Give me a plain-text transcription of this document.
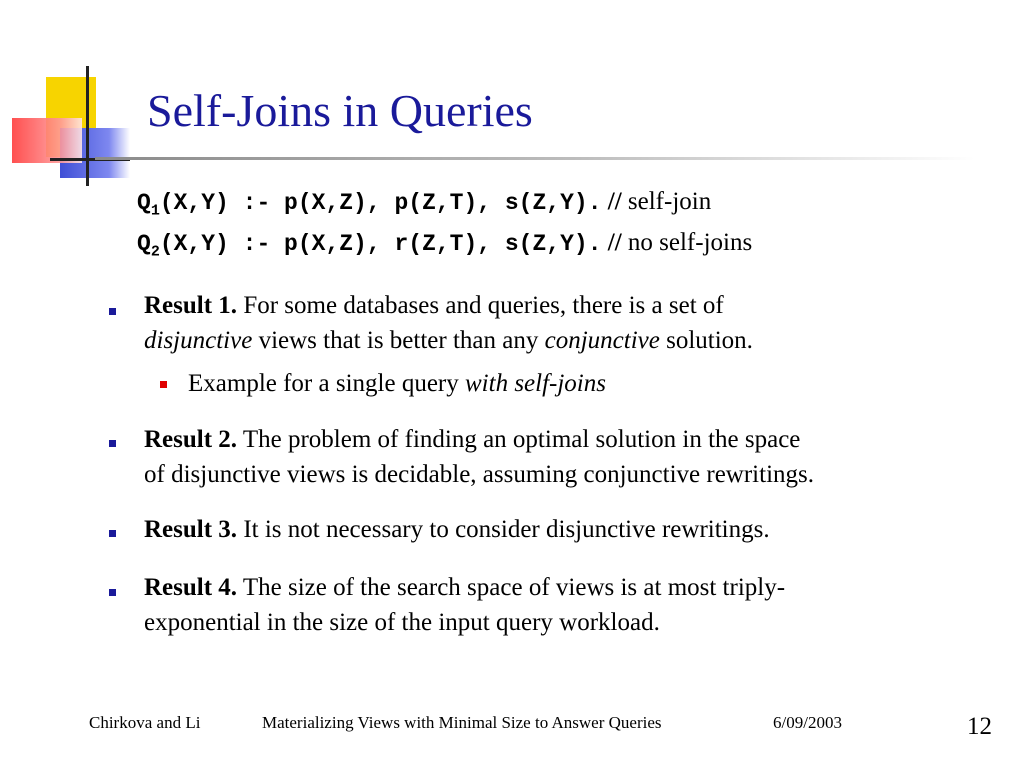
Self-Joins in Queries
$Q_1(X,Y)$ :- p(X,Z), p(Z,T), s(Z,Y). // self-join
$Q_2(X,Y)$ :- p(X,Z), r(Z,T), s(Z,Y). // no self-joins
Result 1. For some databases and queries, there is a set of
disjunctive views that is better than any conjunctive solution.
Example for a single query with self-joins
Result 2. The problem of finding an optimal solution in the space
of disjunctive views is decidable, assuming conjunctive rewritings.
Result 3. It is not necessary to consider disjunctive rewritings.
Result 4. The size of the search space of views is at most triply-
exponential in the size of the input query workload.
Chirkova and Li	Materializing Views with Minimal Size to Answer Queries	6/09/2003	12
